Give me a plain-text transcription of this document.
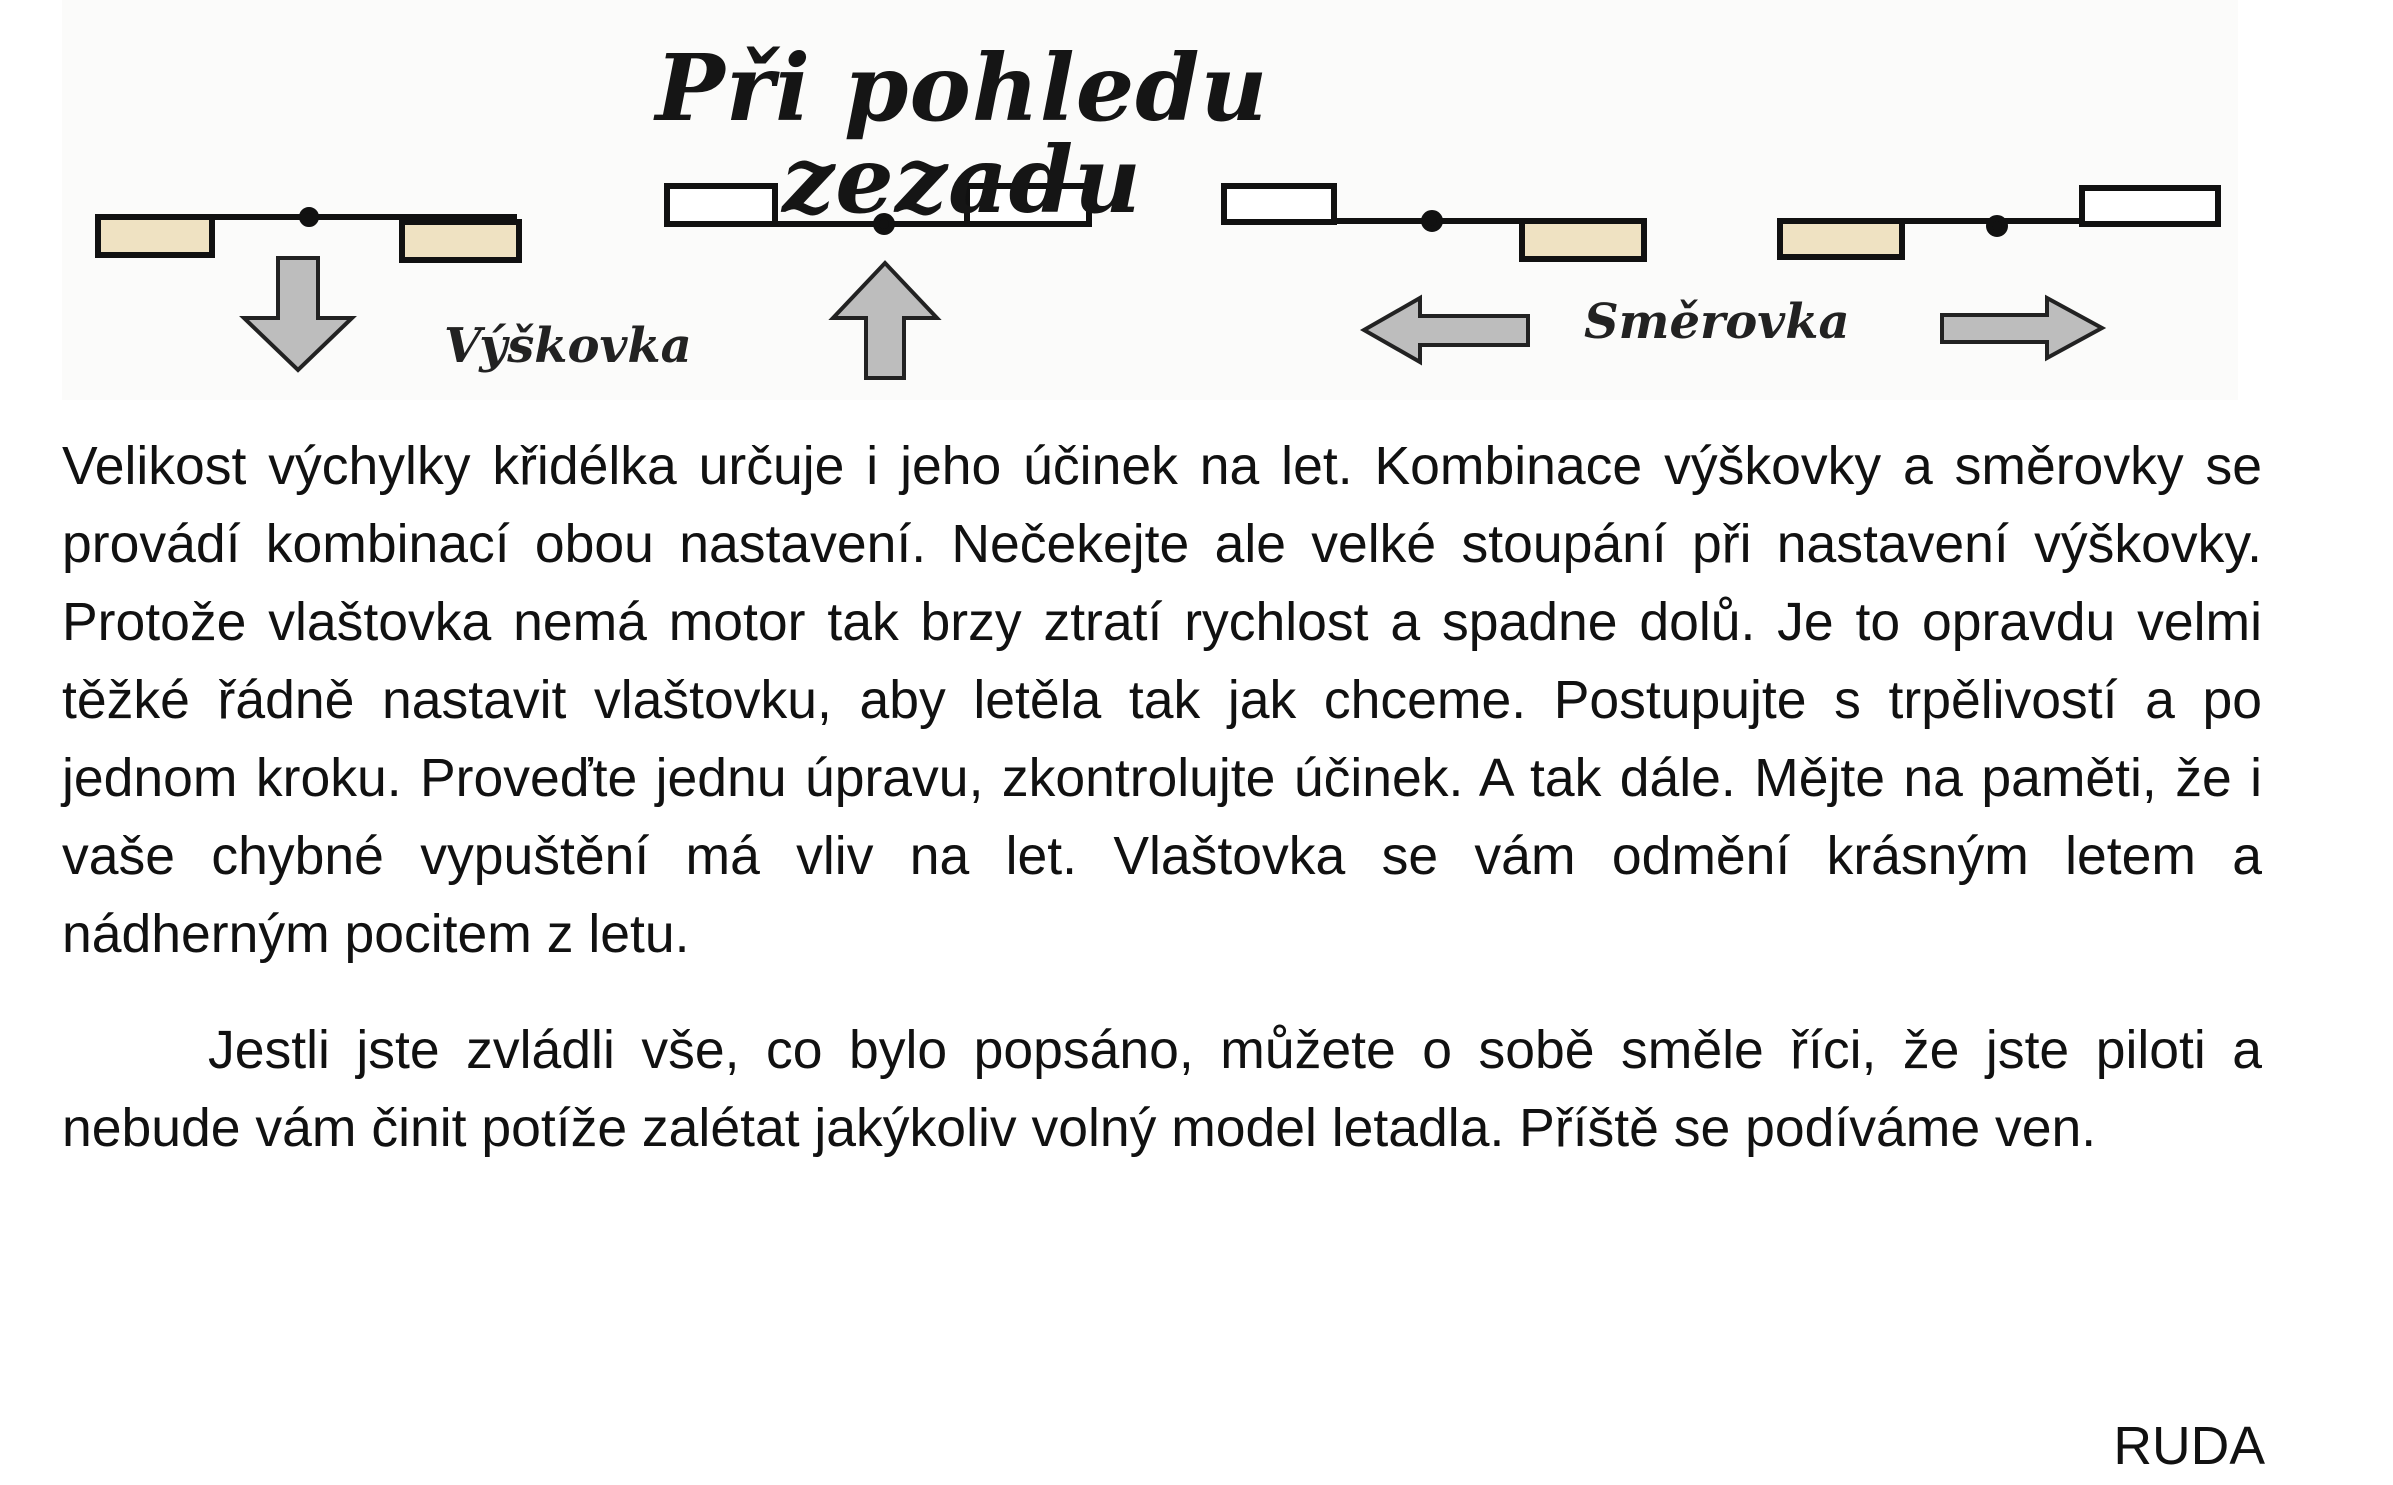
Při pohledu zezadu
Výškovka	Směrovka

Velikost výchylky křidélka určuje i jeho účinek na let. Kombinace výškovky a směrovky se provádí kombinací obou nastavení. Nečekejte ale velké stoupání při nastavení výškovky. Protože vlaštovka nemá motor tak brzy ztratí rychlost a spadne dolů. Je to opravdu velmi těžké řádně nastavit vlaštovku, aby letěla tak jak chceme. Postupujte s trpělivostí a po jednom kroku. Proveďte jednu úpravu, zkontrolujte účinek. A tak dále. Mějte na paměti, že i vaše chybné vypuštění má vliv na let. Vlaštovka se vám odmění krásným letem a nádherným pocitem z letu.

Jestli jste zvládli vše, co bylo popsáno, můžete o sobě směle říci, že jste piloti a nebude vám činit potíže zalétat jakýkoliv volný model letadla. Příště se podíváme ven.

RUDA
